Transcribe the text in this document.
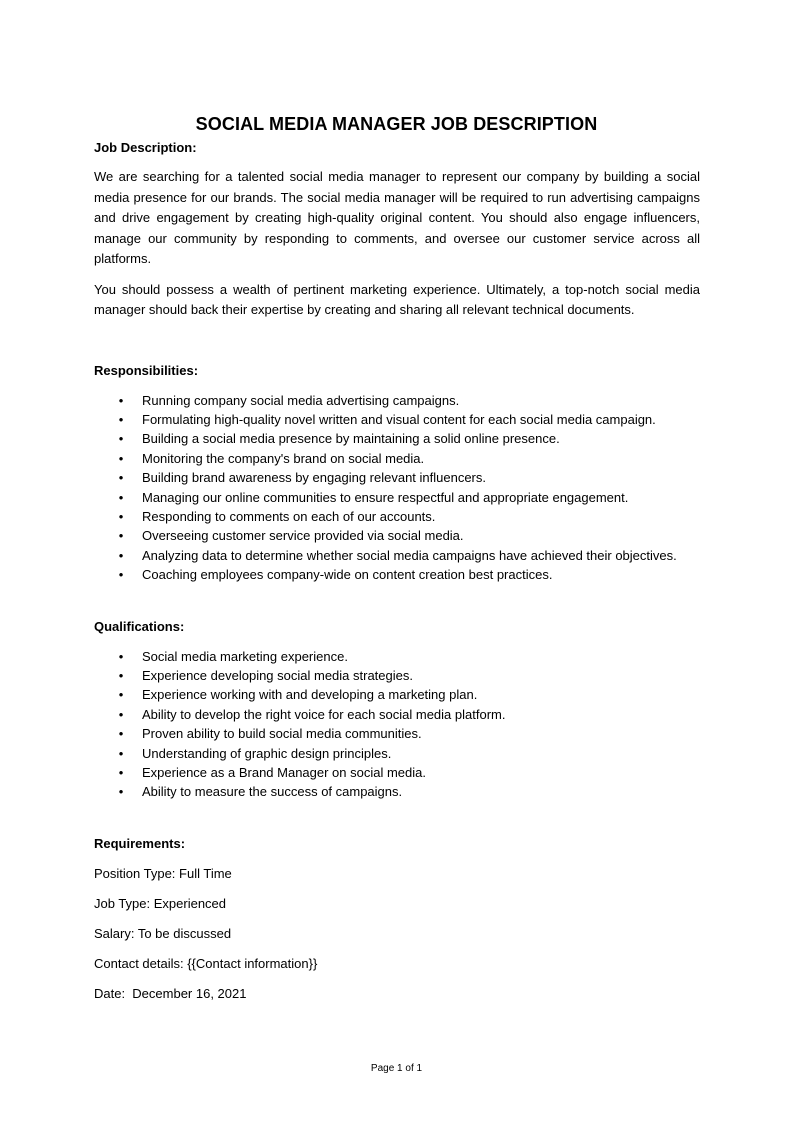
SOCIAL MEDIA MANAGER JOB DESCRIPTION

Job Description:

We are searching for a talented social media manager to represent our company by building a social media presence for our brands. The social media manager will be required to run advertising campaigns and drive engagement by creating high-quality original content. You should also engage influencers, manage our community by responding to comments, and oversee our customer service across all platforms.

You should possess a wealth of pertinent marketing experience. Ultimately, a top-notch social media manager should back their expertise by creating and sharing all relevant technical documents.

Responsibilities:

• Running company social media advertising campaigns.
• Formulating high-quality novel written and visual content for each social media campaign.
• Building a social media presence by maintaining a solid online presence.
• Monitoring the company's brand on social media.
• Building brand awareness by engaging relevant influencers.
• Managing our online communities to ensure respectful and appropriate engagement.
• Responding to comments on each of our accounts.
• Overseeing customer service provided via social media.
• Analyzing data to determine whether social media campaigns have achieved their objectives.
• Coaching employees company-wide on content creation best practices.

Qualifications:

• Social media marketing experience.
• Experience developing social media strategies.
• Experience working with and developing a marketing plan.
• Ability to develop the right voice for each social media platform.
• Proven ability to build social media communities.
• Understanding of graphic design principles.
• Experience as a Brand Manager on social media.
• Ability to measure the success of campaigns.

Requirements:

Position Type: Full Time

Job Type: Experienced

Salary: To be discussed

Contact details: {{Contact information}}

Date:  December 16, 2021

Page 1 of 1
